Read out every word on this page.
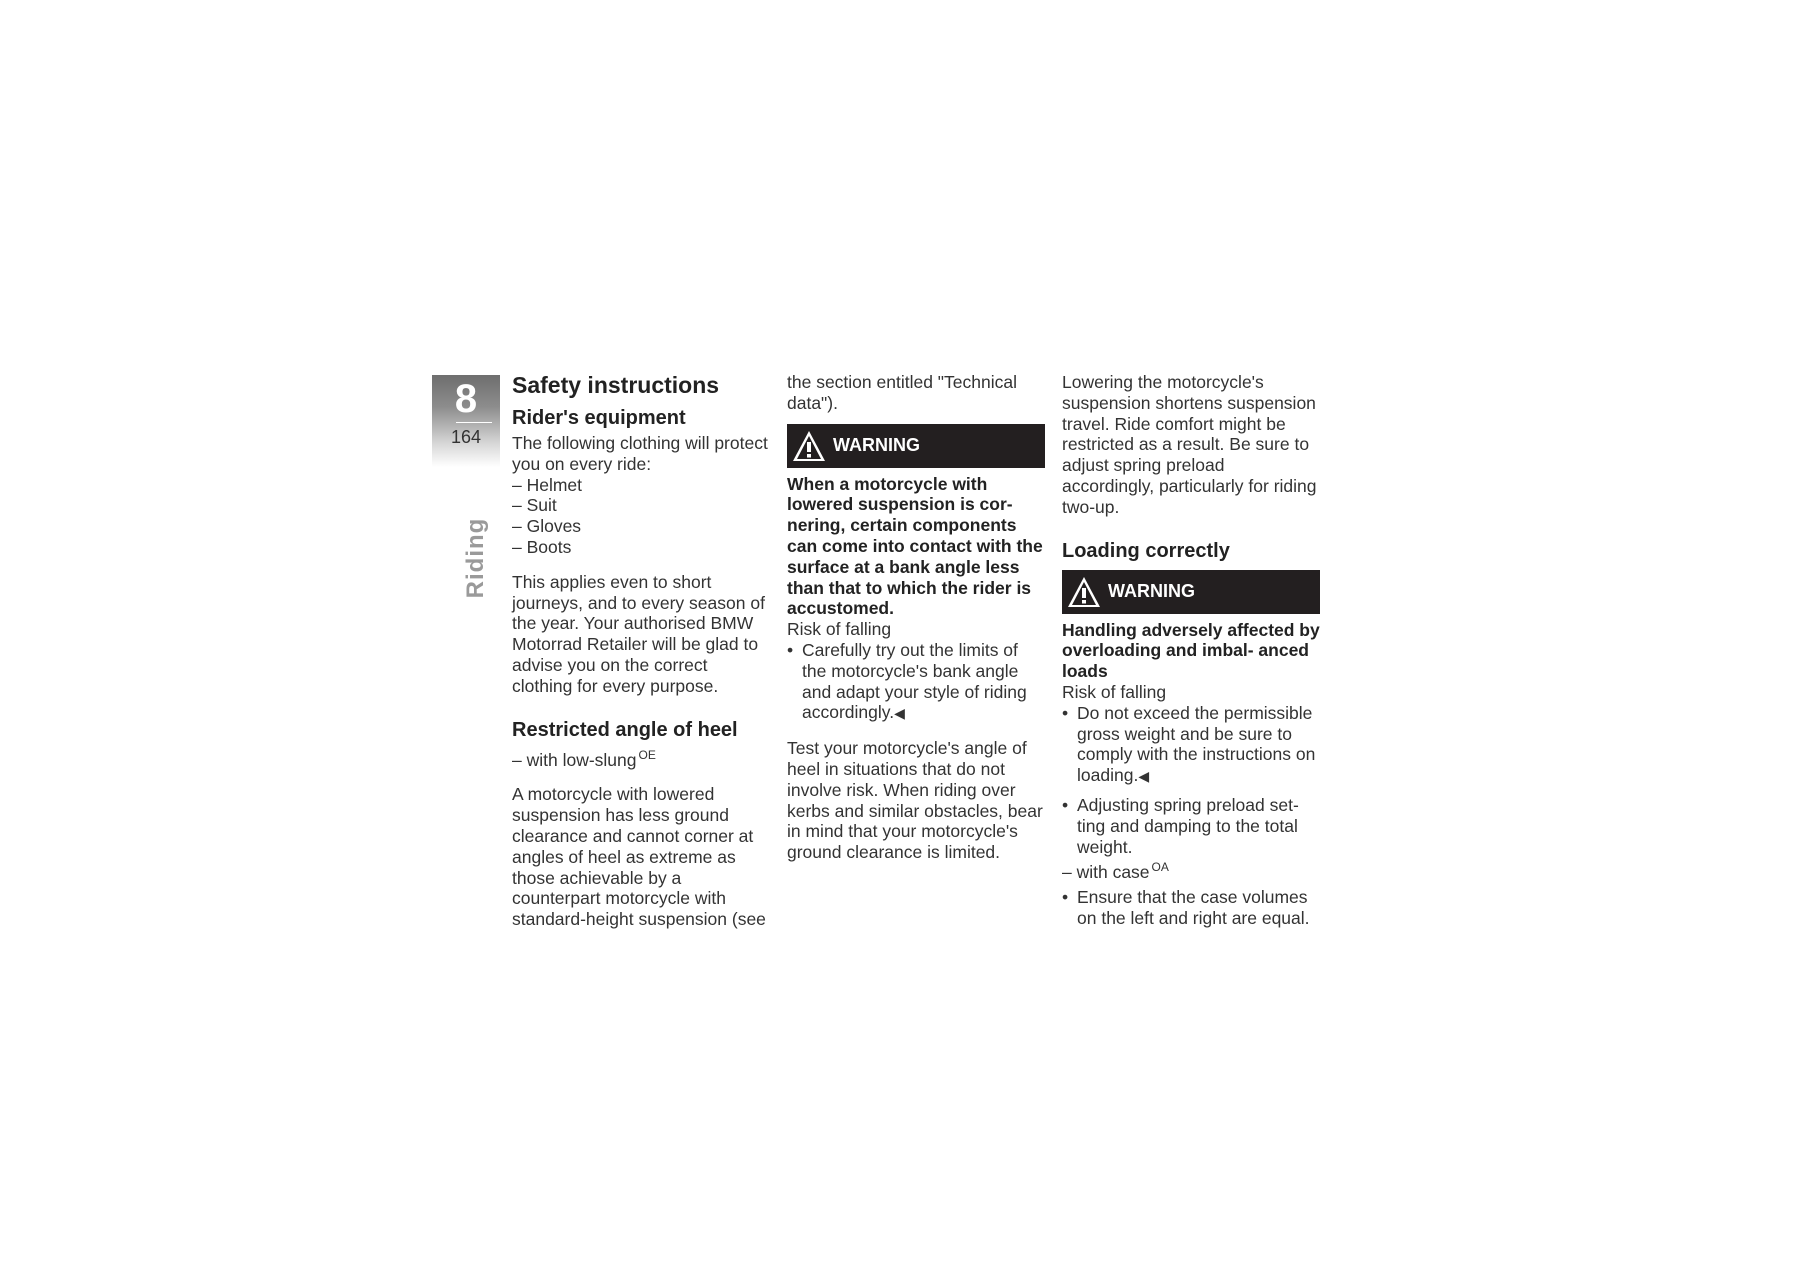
8
164
Riding
Safety instructions
Rider's equipment

The following clothing will protect you on every ride:

– Helmet

– Suit

– Gloves

– Boots

This applies even to short journeys, and to every season of the year. Your authorised BMW Motorrad Retailer will be glad to advise you on the correct clothing for every purpose.

Restricted angle of heel

– with low-slung $^{OE}$

A motorcycle with lowered suspension has less ground clearance and cannot corner at angles of heel as extreme as those achievable by a counterpart motorcycle with standard-height suspension (see

the section entitled "Technical data").

WARNING

When a motorcycle with lowered suspension is cor- nering, certain components can come into contact with the surface at a bank angle less than that to which the rider is accustomed.

Risk of falling

• Carefully try out the limits of the motorcycle's bank angle and adapt your style of riding accordingly.◀

Test your motorcycle's angle of heel in situations that do not involve risk. When riding over kerbs and similar obstacles, bear in mind that your motorcycle's ground clearance is limited.

Lowering the motorcycle's suspension shortens suspension travel. Ride comfort might be restricted as a result. Be sure to adjust spring preload accordingly, particularly for riding two-up.

Loading correctly
WARNING

Handling adversely affected by overloading and imbal- anced loads

Risk of falling

• Do not exceed the permissible gross weight and be sure to comply with the instructions on loading.◀
• Adjusting spring preload set- ting and damping to the total weight.

– with case $^{OA}$

• Ensure that the case volumes on the left and right are equal.
